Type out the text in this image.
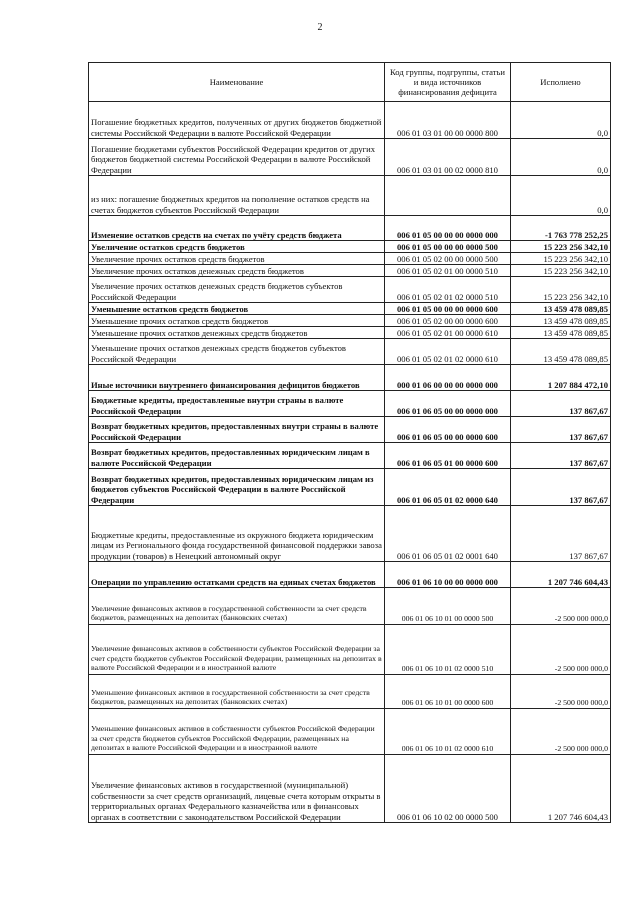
2
Наименование	Код группы, подгруппы, статьи и вида источников финансирования дефицита	Исполнено
Погашение бюджетных кредитов, полученных от других бюджетов бюджетной системы Российской Федерации в валюте Российской Федерации	006 01 03 01 00 00 0000 800	0,0
Погашение бюджетами субъектов Российской Федерации кредитов от других бюджетов бюджетной системы Российской Федерации в валюте Российской Федерации	006 01 03 01 00 02 0000 810	0,0
из них: погашение бюджетных кредитов на пополнение остатков средств на счетах бюджетов субъектов Российской Федерации		0,0
Изменение остатков средств на счетах по учёту средств бюджета	006 01 05 00 00 00 0000 000	-1 763 778 252,25
Увеличение остатков средств бюджетов	006 01 05 00 00 00 0000 500	15 223 256 342,10
Увеличение прочих остатков средств бюджетов	006 01 05 02 00 00 0000 500	15 223 256 342,10
Увеличение прочих остатков денежных средств бюджетов	006 01 05 02 01 00 0000 510	15 223 256 342,10
Увеличение прочих остатков денежных средств бюджетов субъектов Российской Федерации	006 01 05 02 01 02 0000 510	15 223 256 342,10
Уменьшение остатков средств бюджетов	006 01 05 00 00 00 0000 600	13 459 478 089,85
Уменьшение прочих остатков средств бюджетов	006 01 05 02 00 00 0000 600	13 459 478 089,85
Уменьшение прочих остатков денежных средств бюджетов	006 01 05 02 01 00 0000 610	13 459 478 089,85
Уменьшение прочих остатков денежных средств бюджетов субъектов Российской Федерации	006 01 05 02 01 02 0000 610	13 459 478 089,85
Иные источники внутреннего финансирования дефицитов бюджетов	000 01 06 00 00 00 0000 000	1 207 884 472,10
Бюджетные кредиты, предоставленные внутри страны в валюте Российской Федерации	006 01 06 05 00 00 0000 000	137 867,67
Возврат бюджетных кредитов, предоставленных внутри страны в валюте Российской Федерации	006 01 06 05 00 00 0000 600	137 867,67
Возврат бюджетных кредитов, предоставленных юридическим лицам в валюте Российской Федерации	006 01 06 05 01 00 0000 600	137 867,67
Возврат бюджетных кредитов, предоставленных юридическим лицам из бюджетов субъектов Российской Федерации в валюте Российской Федерации	006 01 06 05 01 02 0000 640	137 867,67
Бюджетные кредиты, предоставленные из окружного бюджета юридическим лицам из Регионального фонда государственной финансовой поддержки завоза продукции (товаров) в Ненецкий автономный округ	006 01 06 05 01 02 0001 640	137 867,67
Операции по управлению остатками средств на единых счетах бюджетов	006 01 06 10 00 00 0000 000	1 207 746 604,43
Увеличение финансовых активов в государственной собственности за счет средств бюджетов, размещенных на депозитах (банковских счетах)	006 01 06 10 01 00 0000 500	-2 500 000 000,0
Увеличение финансовых активов в собственности субъектов Российской Федерации за счет средств бюджетов субъектов Российской Федерации, размещенных на депозитах в валюте Российской Федерации и в иностранной валюте	006 01 06 10 01 02 0000 510	-2 500 000 000,0
Уменьшение финансовых активов в государственной собственности за счет средств бюджетов, размещенных на депозитах (банковских счетах)	006 01 06 10 01 00 0000 600	-2 500 000 000,0
Уменьшение финансовых активов в собственности субъектов Российской Федерации за счет средств бюджетов субъектов Российской Федерации, размещенных на депозитах в валюте Российской Федерации и в иностранной валюте	006 01 06 10 01 02 0000 610	-2 500 000 000,0
Увеличение финансовых активов в государственной (муниципальной) собственности за счет средств организаций, лицевые счета которым открыты в территориальных органах Федерального казначейства или в финансовых органах в соответствии с законодательством Российской Федерации	006 01 06 10 02 00 0000 500	1 207 746 604,43
